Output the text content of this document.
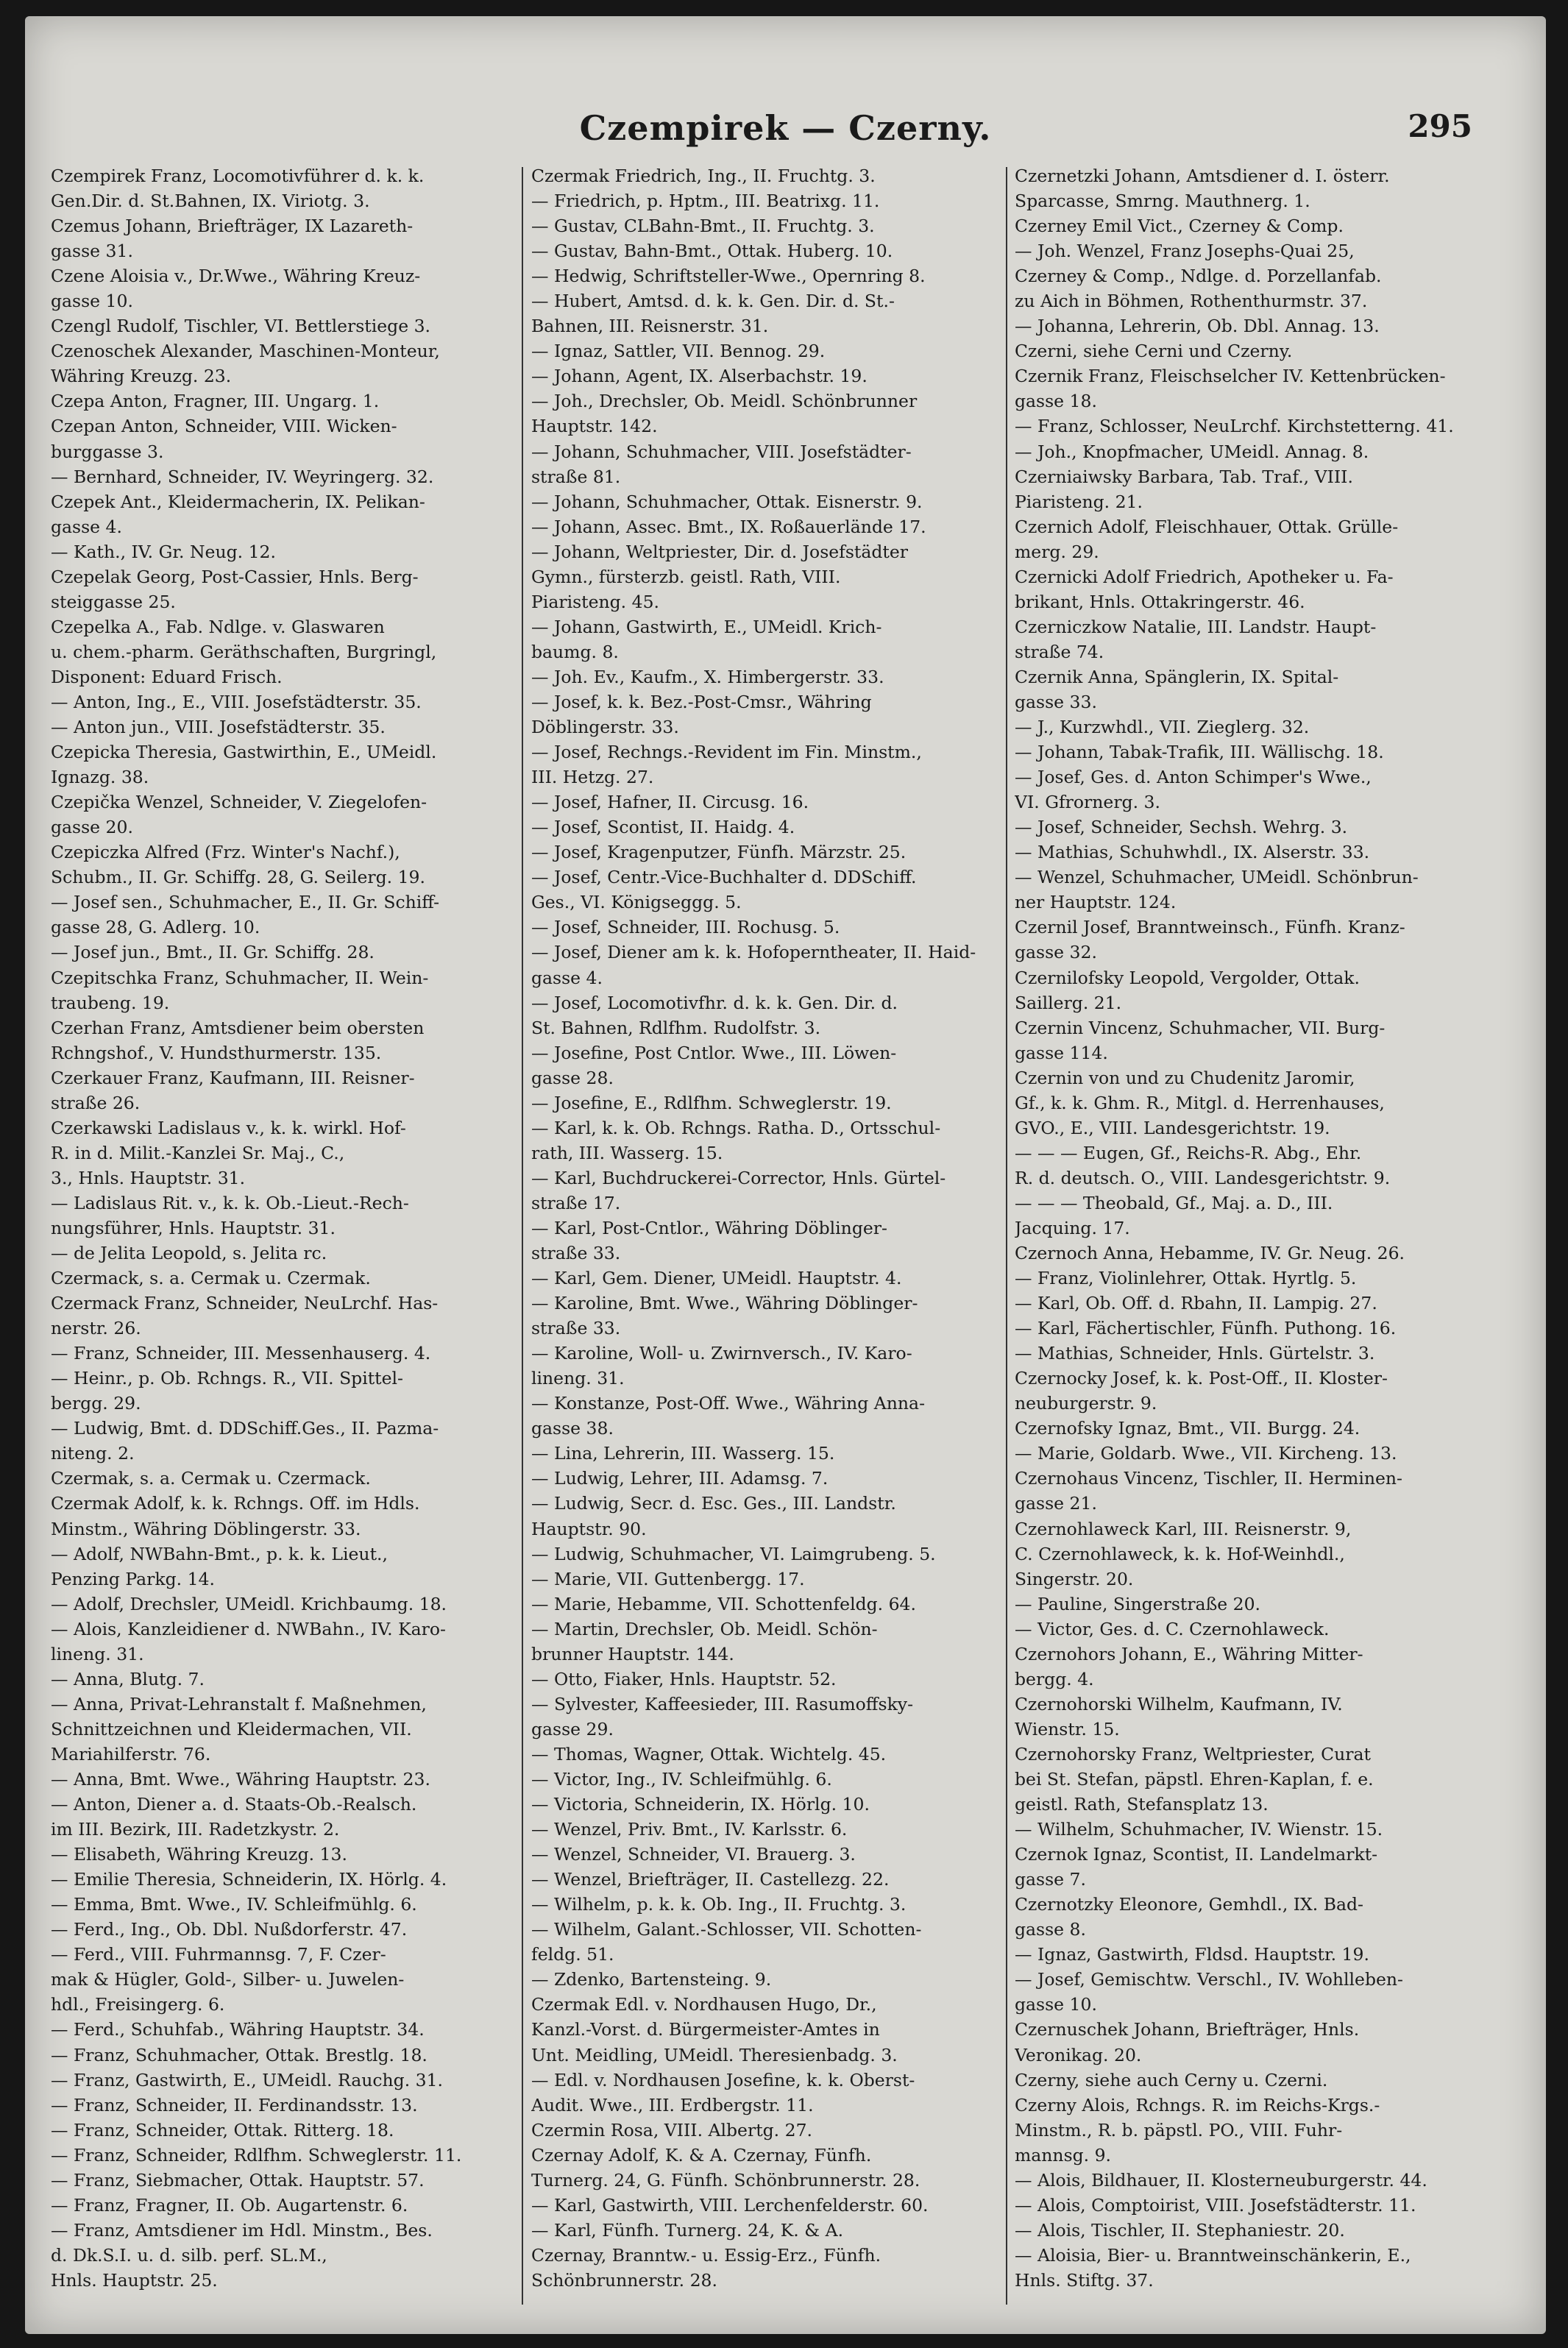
Czempirek — Czerny.	295
Czempirek Franz, Locomotivführer d. k. k.
Gen.Dir. d. St.Bahnen, IX. Viriotg. 3.
Czemus Johann, Briefträger, IX Lazareth-
gasse 31.
Czene Aloisia v., Dr.Wwe., Währing Kreuz-
gasse 10.
Czengl Rudolf, Tischler, VI. Bettlerstiege 3.
Czenoschek Alexander, Maschinen-Monteur,
Währing Kreuzg. 23.
Czepa Anton, Fragner, III. Ungarg. 1.
Czepan Anton, Schneider, VIII. Wicken-
burggasse 3.
— Bernhard, Schneider, IV. Weyringerg. 32.
Czepek Ant., Kleidermacherin, IX. Pelikan-
gasse 4.
— Kath., IV. Gr. Neug. 12.
Czepelak Georg, Post-Cassier, Hnls. Berg-
steiggasse 25.
Czepelka A., Fab. Ndlge. v. Glaswaren
u. chem.-pharm. Geräthschaften, Burgringl,
Disponent: Eduard Frisch.
— Anton, Ing., E., VIII. Josefstädterstr. 35.
— Anton jun., VIII. Josefstädterstr. 35.
Czepicka Theresia, Gastwirthin, E., UMeidl.
Ignazg. 38.
Czepička Wenzel, Schneider, V. Ziegelofen-
gasse 20.
Czepiczka Alfred (Frz. Winter's Nachf.),
Schubm., II. Gr. Schiffg. 28, G. Seilerg. 19.
— Josef sen., Schuhmacher, E., II. Gr. Schiff-
gasse 28, G. Adlerg. 10.
— Josef jun., Bmt., II. Gr. Schiffg. 28.
Czepitschka Franz, Schuhmacher, II. Wein-
traubeng. 19.
Czerhan Franz, Amtsdiener beim obersten
Rchngshof., V. Hundsthurmerstr. 135.
Czerkauer Franz, Kaufmann, III. Reisner-
straße 26.
Czerkawski Ladislaus v., k. k. wirkl. Hof-
R. in d. Milit.-Kanzlei Sr. Maj., C.,
3., Hnls. Hauptstr. 31.
— Ladislaus Rit. v., k. k. Ob.-Lieut.-Rech-
nungsführer, Hnls. Hauptstr. 31.
— de Jelita Leopold, s. Jelita rc.
Czermack, s. a. Cermak u. Czermak.
Czermack Franz, Schneider, NeuLrchf. Has-
nerstr. 26.
— Franz, Schneider, III. Messenhauserg. 4.
— Heinr., p. Ob. Rchngs. R., VII. Spittel-
bergg. 29.
— Ludwig, Bmt. d. DDSchiff.Ges., II. Pazma-
niteng. 2.
Czermak, s. a. Cermak u. Czermack.
Czermak Adolf, k. k. Rchngs. Off. im Hdls.
Minstm., Währing Döblingerstr. 33.
— Adolf, NWBahn-Bmt., p. k. k. Lieut.,
Penzing Parkg. 14.
— Adolf, Drechsler, UMeidl. Krichbaumg. 18.
— Alois, Kanzleidiener d. NWBahn., IV. Karo-
lineng. 31.
— Anna, Blutg. 7.
— Anna, Privat-Lehranstalt f. Maßnehmen,
Schnittzeichnen und Kleidermachen, VII.
Mariahilferstr. 76.
— Anna, Bmt. Wwe., Währing Hauptstr. 23.
— Anton, Diener a. d. Staats-Ob.-Realsch.
im III. Bezirk, III. Radetzkystr. 2.
— Elisabeth, Währing Kreuzg. 13.
— Emilie Theresia, Schneiderin, IX. Hörlg. 4.
— Emma, Bmt. Wwe., IV. Schleifmühlg. 6.
— Ferd., Ing., Ob. Dbl. Nußdorferstr. 47.
— Ferd., VIII. Fuhrmannsg. 7, F. Czer-
mak & Hügler, Gold-, Silber- u. Juwelen-
hdl., Freisingerg. 6.
— Ferd., Schuhfab., Währing Hauptstr. 34.
— Franz, Schuhmacher, Ottak. Brestlg. 18.
— Franz, Gastwirth, E., UMeidl. Rauchg. 31.
— Franz, Schneider, II. Ferdinandsstr. 13.
— Franz, Schneider, Ottak. Ritterg. 18.
— Franz, Schneider, Rdlfhm. Schweglerstr. 11.
— Franz, Siebmacher, Ottak. Hauptstr. 57.
— Franz, Fragner, II. Ob. Augartenstr. 6.
— Franz, Amtsdiener im Hdl. Minstm., Bes.
d. Dk.S.I. u. d. silb. perf. SL.M.,
Hnls. Hauptstr. 25.
Czermak Friedrich, Ing., II. Fruchtg. 3.
— Friedrich, p. Hptm., III. Beatrixg. 11.
— Gustav, CLBahn-Bmt., II. Fruchtg. 3.
— Gustav, Bahn-Bmt., Ottak. Huberg. 10.
— Hedwig, Schriftsteller-Wwe., Opernring 8.
— Hubert, Amtsd. d. k. k. Gen. Dir. d. St.-
Bahnen, III. Reisnerstr. 31.
— Ignaz, Sattler, VII. Bennog. 29.
— Johann, Agent, IX. Alserbachstr. 19.
— Joh., Drechsler, Ob. Meidl. Schönbrunner
Hauptstr. 142.
— Johann, Schuhmacher, VIII. Josefstädter-
straße 81.
— Johann, Schuhmacher, Ottak. Eisnerstr. 9.
— Johann, Assec. Bmt., IX. Roßauerlände 17.
— Johann, Weltpriester, Dir. d. Josefstädter
Gymn., fürsterzb. geistl. Rath, VIII.
Piaristeng. 45.
— Johann, Gastwirth, E., UMeidl. Krich-
baumg. 8.
— Joh. Ev., Kaufm., X. Himbergerstr. 33.
— Josef, k. k. Bez.-Post-Cmsr., Währing
Döblingerstr. 33.
— Josef, Rechngs.-Revident im Fin. Minstm.,
III. Hetzg. 27.
— Josef, Hafner, II. Circusg. 16.
— Josef, Scontist, II. Haidg. 4.
— Josef, Kragenputzer, Fünfh. Märzstr. 25.
— Josef, Centr.-Vice-Buchhalter d. DDSchiff.
Ges., VI. Königseggg. 5.
— Josef, Schneider, III. Rochusg. 5.
— Josef, Diener am k. k. Hofoperntheater, II. Haid-
gasse 4.
— Josef, Locomotivfhr. d. k. k. Gen. Dir. d.
St. Bahnen, Rdlfhm. Rudolfstr. 3.
— Josefine, Post Cntlor. Wwe., III. Löwen-
gasse 28.
— Josefine, E., Rdlfhm. Schweglerstr. 19.
— Karl, k. k. Ob. Rchngs. Ratha. D., Ortsschul-
rath, III. Wasserg. 15.
— Karl, Buchdruckerei-Corrector, Hnls. Gürtel-
straße 17.
— Karl, Post-Cntlor., Währing Döblinger-
straße 33.
— Karl, Gem. Diener, UMeidl. Hauptstr. 4.
— Karoline, Bmt. Wwe., Währing Döblinger-
straße 33.
— Karoline, Woll- u. Zwirnversch., IV. Karo-
lineng. 31.
— Konstanze, Post-Off. Wwe., Währing Anna-
gasse 38.
— Lina, Lehrerin, III. Wasserg. 15.
— Ludwig, Lehrer, III. Adamsg. 7.
— Ludwig, Secr. d. Esc. Ges., III. Landstr.
Hauptstr. 90.
— Ludwig, Schuhmacher, VI. Laimgrubeng. 5.
— Marie, VII. Guttenbergg. 17.
— Marie, Hebamme, VII. Schottenfeldg. 64.
— Martin, Drechsler, Ob. Meidl. Schön-
brunner Hauptstr. 144.
— Otto, Fiaker, Hnls. Hauptstr. 52.
— Sylvester, Kaffeesieder, III. Rasumoffsky-
gasse 29.
— Thomas, Wagner, Ottak. Wichtelg. 45.
— Victor, Ing., IV. Schleifmühlg. 6.
— Victoria, Schneiderin, IX. Hörlg. 10.
— Wenzel, Priv. Bmt., IV. Karlsstr. 6.
— Wenzel, Schneider, VI. Brauerg. 3.
— Wenzel, Briefträger, II. Castellezg. 22.
— Wilhelm, p. k. k. Ob. Ing., II. Fruchtg. 3.
— Wilhelm, Galant.-Schlosser, VII. Schotten-
feldg. 51.
— Zdenko, Bartensteing. 9.
Czermak Edl. v. Nordhausen Hugo, Dr.,
Kanzl.-Vorst. d. Bürgermeister-Amtes in
Unt. Meidling, UMeidl. Theresienbadg. 3.
— Edl. v. Nordhausen Josefine, k. k. Oberst-
Audit. Wwe., III. Erdbergstr. 11.
Czermin Rosa, VIII. Albertg. 27.
Czernay Adolf, K. & A. Czernay, Fünfh.
Turnerg. 24, G. Fünfh. Schönbrunnerstr. 28.
— Karl, Gastwirth, VIII. Lerchenfelderstr. 60.
— Karl, Fünfh. Turnerg. 24, K. & A.
Czernay, Branntw.- u. Essig-Erz., Fünfh.
Schönbrunnerstr. 28.
Czernetzki Johann, Amtsdiener d. I. österr.
Sparcasse, Smrng. Mauthnerg. 1.
Czerney Emil Vict., Czerney & Comp.
— Joh. Wenzel, Franz Josephs-Quai 25,
Czerney & Comp., Ndlge. d. Porzellanfab.
zu Aich in Böhmen, Rothenthurmstr. 37.
— Johanna, Lehrerin, Ob. Dbl. Annag. 13.
Czerni, siehe Cerni und Czerny.
Czernik Franz, Fleischselcher IV. Kettenbrücken-
gasse 18.
— Franz, Schlosser, NeuLrchf. Kirchstetterng. 41.
— Joh., Knopfmacher, UMeidl. Annag. 8.
Czerniaiwsky Barbara, Tab. Traf., VIII.
Piaristeng. 21.
Czernich Adolf, Fleischhauer, Ottak. Grülle-
merg. 29.
Czernicki Adolf Friedrich, Apotheker u. Fa-
brikant, Hnls. Ottakringerstr. 46.
Czerniczkow Natalie, III. Landstr. Haupt-
straße 74.
Czernik Anna, Spänglerin, IX. Spital-
gasse 33.
— J., Kurzwhdl., VII. Zieglerg. 32.
— Johann, Tabak-Trafik, III. Wällischg. 18.
— Josef, Ges. d. Anton Schimper's Wwe.,
VI. Gfrornerg. 3.
— Josef, Schneider, Sechsh. Wehrg. 3.
— Mathias, Schuhwhdl., IX. Alserstr. 33.
— Wenzel, Schuhmacher, UMeidl. Schönbrun-
ner Hauptstr. 124.
Czernil Josef, Branntweinsch., Fünfh. Kranz-
gasse 32.
Czernilofsky Leopold, Vergolder, Ottak.
Saillerg. 21.
Czernin Vincenz, Schuhmacher, VII. Burg-
gasse 114.
Czernin von und zu Chudenitz Jaromir,
Gf., k. k. Ghm. R., Mitgl. d. Herrenhauses,
GVO., E., VIII. Landesgerichtstr. 19.
— — — Eugen, Gf., Reichs-R. Abg., Ehr.
R. d. deutsch. O., VIII. Landesgerichtstr. 9.
— — — Theobald, Gf., Maj. a. D., III.
Jacquing. 17.
Czernoch Anna, Hebamme, IV. Gr. Neug. 26.
— Franz, Violinlehrer, Ottak. Hyrtlg. 5.
— Karl, Ob. Off. d. Rbahn, II. Lampig. 27.
— Karl, Fächertischler, Fünfh. Puthong. 16.
— Mathias, Schneider, Hnls. Gürtelstr. 3.
Czernocky Josef, k. k. Post-Off., II. Kloster-
neuburgerstr. 9.
Czernofsky Ignaz, Bmt., VII. Burgg. 24.
— Marie, Goldarb. Wwe., VII. Kircheng. 13.
Czernohaus Vincenz, Tischler, II. Herminen-
gasse 21.
Czernohlaweck Karl, III. Reisnerstr. 9,
C. Czernohlaweck, k. k. Hof-Weinhdl.,
Singerstr. 20.
— Pauline, Singerstraße 20.
— Victor, Ges. d. C. Czernohlaweck.
Czernohors Johann, E., Währing Mitter-
bergg. 4.
Czernohorski Wilhelm, Kaufmann, IV.
Wienstr. 15.
Czernohorsky Franz, Weltpriester, Curat
bei St. Stefan, päpstl. Ehren-Kaplan, f. e.
geistl. Rath, Stefansplatz 13.
— Wilhelm, Schuhmacher, IV. Wienstr. 15.
Czernok Ignaz, Scontist, II. Landelmarkt-
gasse 7.
Czernotzky Eleonore, Gemhdl., IX. Bad-
gasse 8.
— Ignaz, Gastwirth, Fldsd. Hauptstr. 19.
— Josef, Gemischtw. Verschl., IV. Wohlleben-
gasse 10.
Czernuschek Johann, Briefträger, Hnls.
Veronikag. 20.
Czerny, siehe auch Cerny u. Czerni.
Czerny Alois, Rchngs. R. im Reichs-Krgs.-
Minstm., R. b. päpstl. PO., VIII. Fuhr-
mannsg. 9.
— Alois, Bildhauer, II. Klosterneuburgerstr. 44.
— Alois, Comptoirist, VIII. Josefstädterstr. 11.
— Alois, Tischler, II. Stephaniestr. 20.
— Aloisia, Bier- u. Branntweinschänkerin, E.,
Hnls. Stiftg. 37.
